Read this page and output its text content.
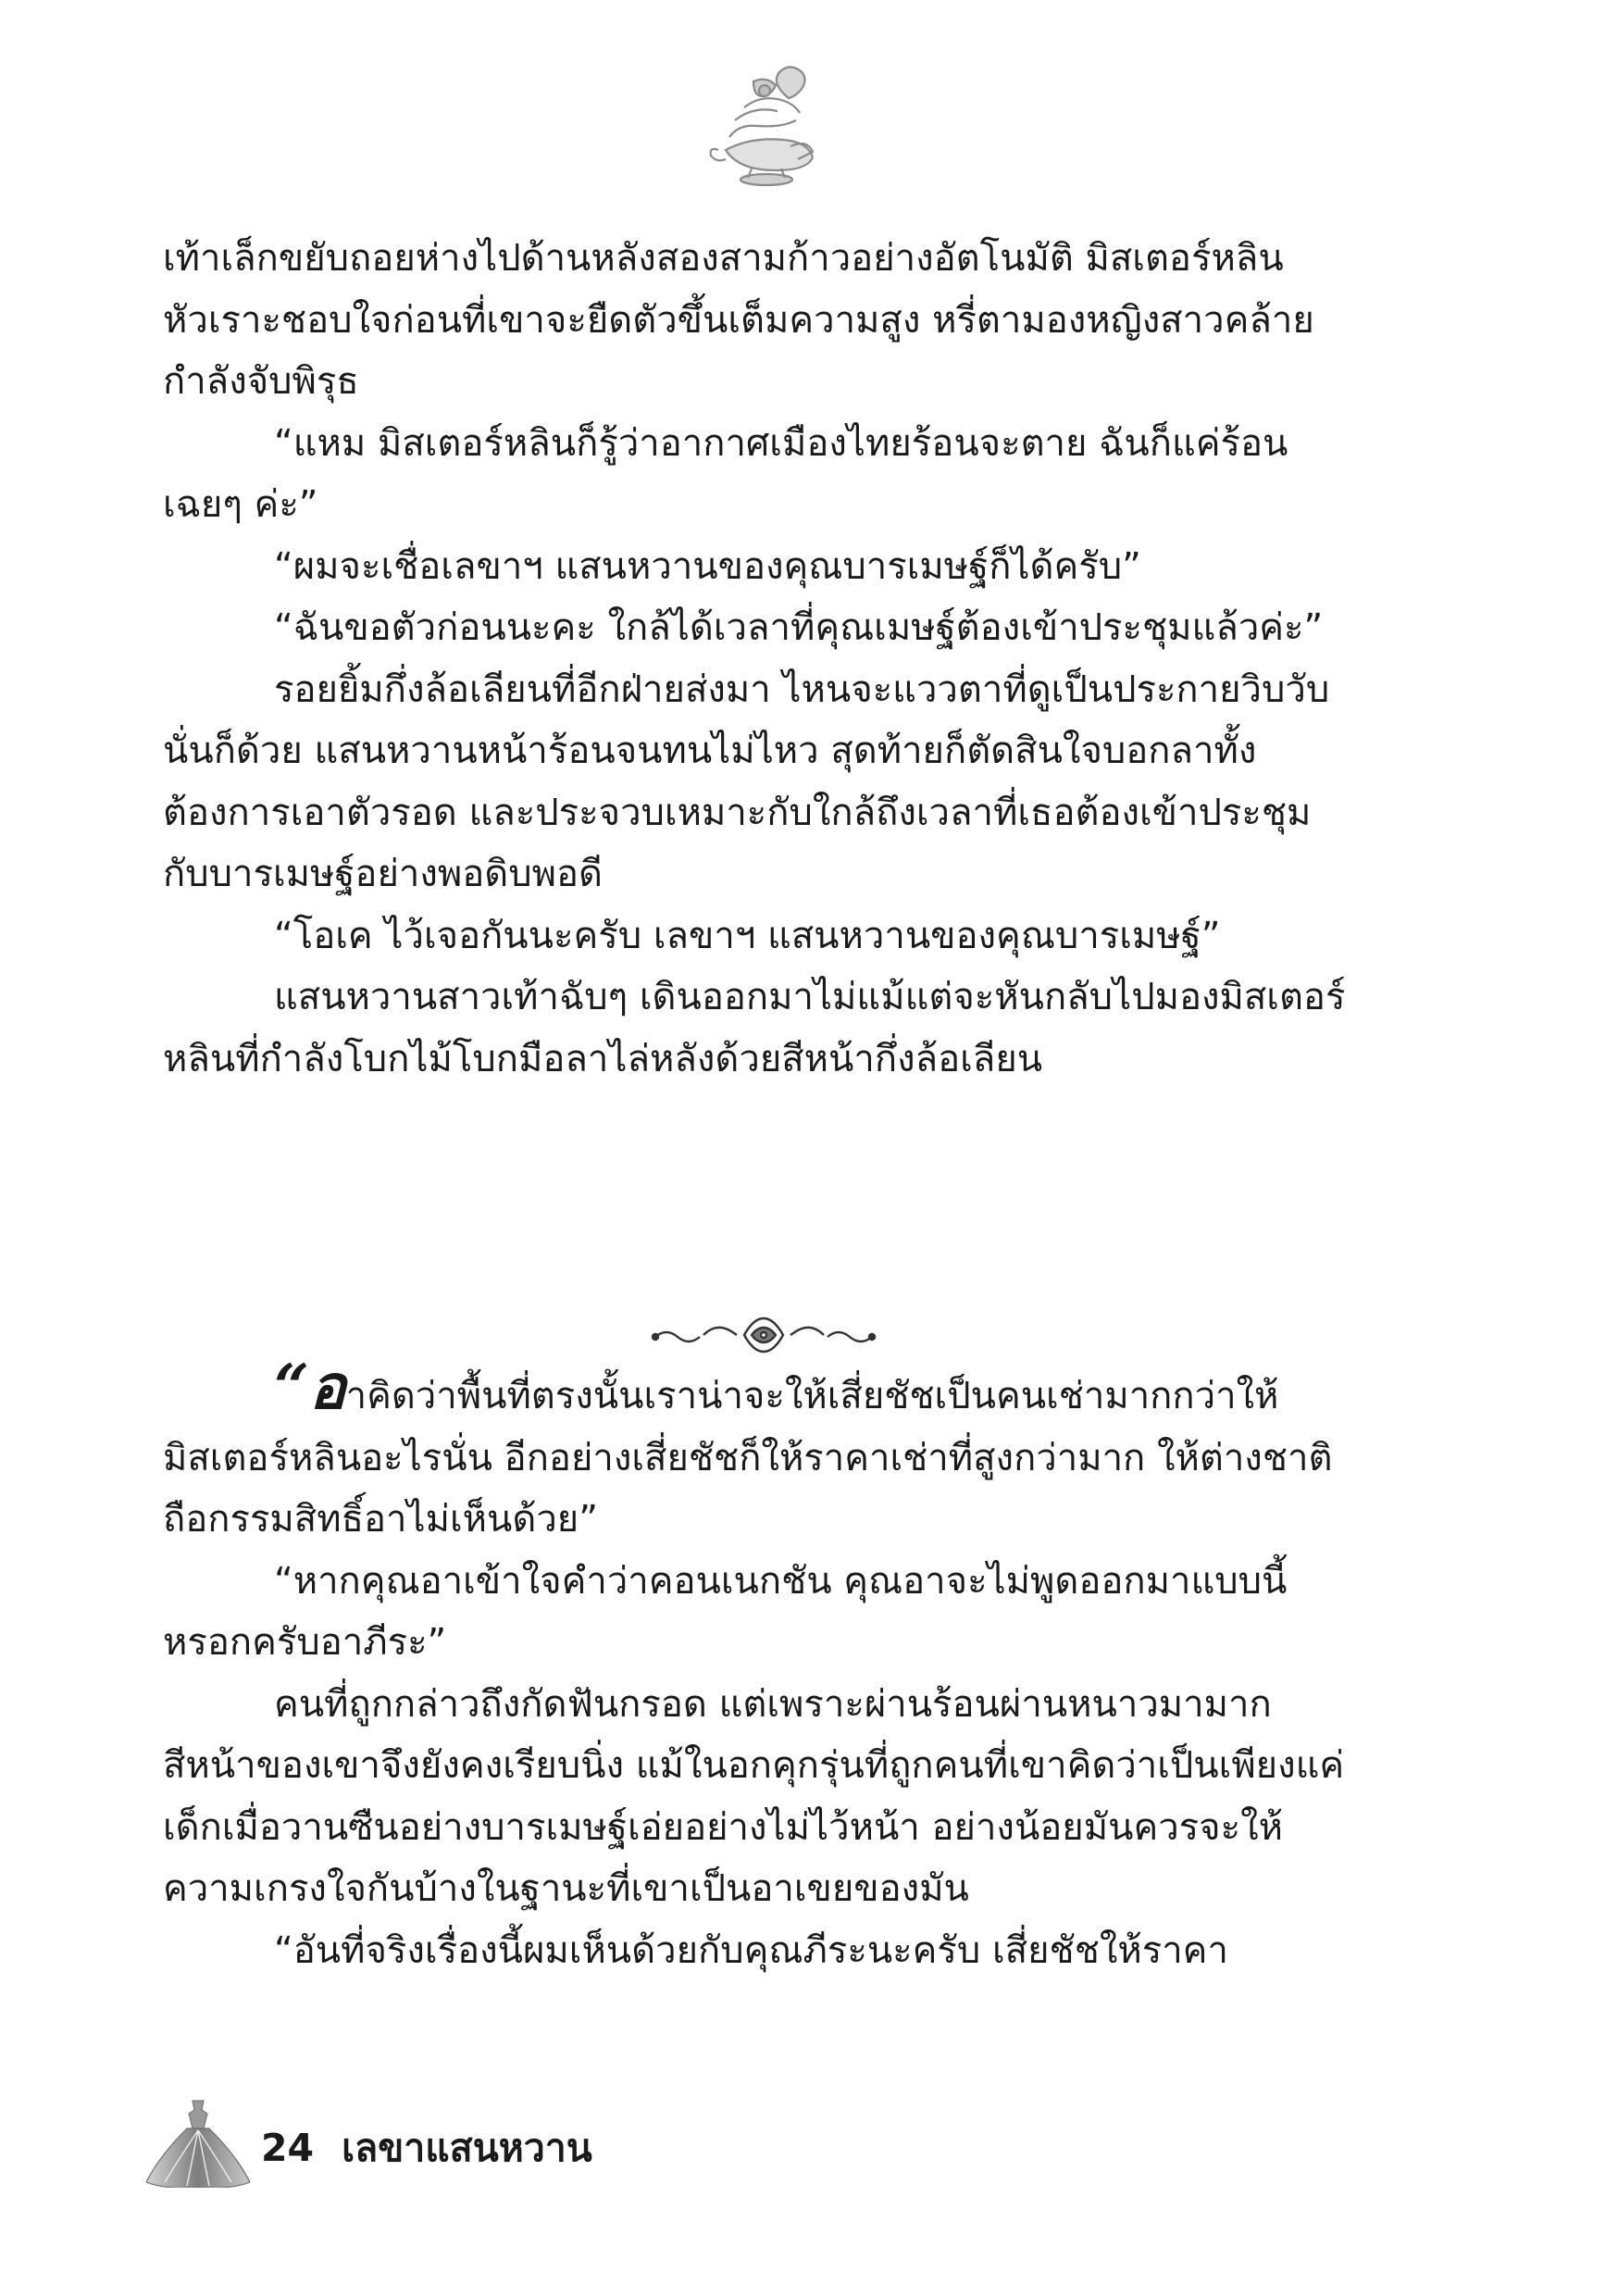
เท้าเล็กขยับถอยห่างไปด้านหลังสองสามก้าวอย่างอัตโนมัติ มิสเตอร์หลินหัวเราะชอบใจก่อนที่เขาจะยืดตัวขึ้นเต็มความสูง หรี่ตามองหญิงสาวคล้ายกำลังจับพิรุธ

“แหม มิสเตอร์หลินก็รู้ว่าอากาศเมืองไทยร้อนจะตาย ฉันก็แค่ร้อนเฉยๆ ค่ะ”

“ผมจะเชื่อเลขาฯ แสนหวานของคุณบารเมษฐ์ก็ได้ครับ”

“ฉันขอตัวก่อนนะคะ ใกล้ได้เวลาที่คุณเมษฐ์ต้องเข้าประชุมแล้วค่ะ”

รอยยิ้มกึ่งล้อเลียนที่อีกฝ่ายส่งมา ไหนจะแววตาที่ดูเป็นประกายวิบวับนั่นก็ด้วย แสนหวานหน้าร้อนจนทนไม่ไหว สุดท้ายก็ตัดสินใจบอกลาทั้งต้องการเอาตัวรอด และประจวบเหมาะกับใกล้ถึงเวลาที่เธอต้องเข้าประชุมกับบารเมษฐ์อย่างพอดิบพอดี

“โอเค ไว้เจอกันนะครับ เลขาฯ แสนหวานของคุณบารเมษฐ์”

แสนหวานสาวเท้าฉับๆ เดินออกมาไม่แม้แต่จะหันกลับไปมองมิสเตอร์หลินที่กำลังโบกไม้โบกมือลาไล่หลังด้วยสีหน้ากึ่งล้อเลียน

“อาคิดว่าพื้นที่ตรงนั้นเราน่าจะให้เสี่ยชัชเป็นคนเช่ามากกว่าให้มิสเตอร์หลินอะไรนั่น อีกอย่างเสี่ยชัชก็ให้ราคาเช่าที่สูงกว่ามาก ให้ต่างชาติถือกรรมสิทธิ์อาไม่เห็นด้วย”

“หากคุณอาเข้าใจคำว่าคอนเนกชัน คุณอาจะไม่พูดออกมาแบบนี้หรอกครับอาภีระ”

คนที่ถูกกล่าวถึงกัดฟันกรอด แต่เพราะผ่านร้อนผ่านหนาวมามากสีหน้าของเขาจึงยังคงเรียบนิ่ง แม้ในอกคุกรุ่นที่ถูกคนที่เขาคิดว่าเป็นเพียงแค่เด็กเมื่อวานซืนอย่างบารเมษฐ์เอ่ยอย่างไม่ไว้หน้า อย่างน้อยมันควรจะให้ความเกรงใจกันบ้างในฐานะที่เขาเป็นอาเขยของมัน

“อันที่จริงเรื่องนี้ผมเห็นด้วยกับคุณภีระนะครับ เสี่ยชัชให้ราคา

24 เลขาแสนหวาน
